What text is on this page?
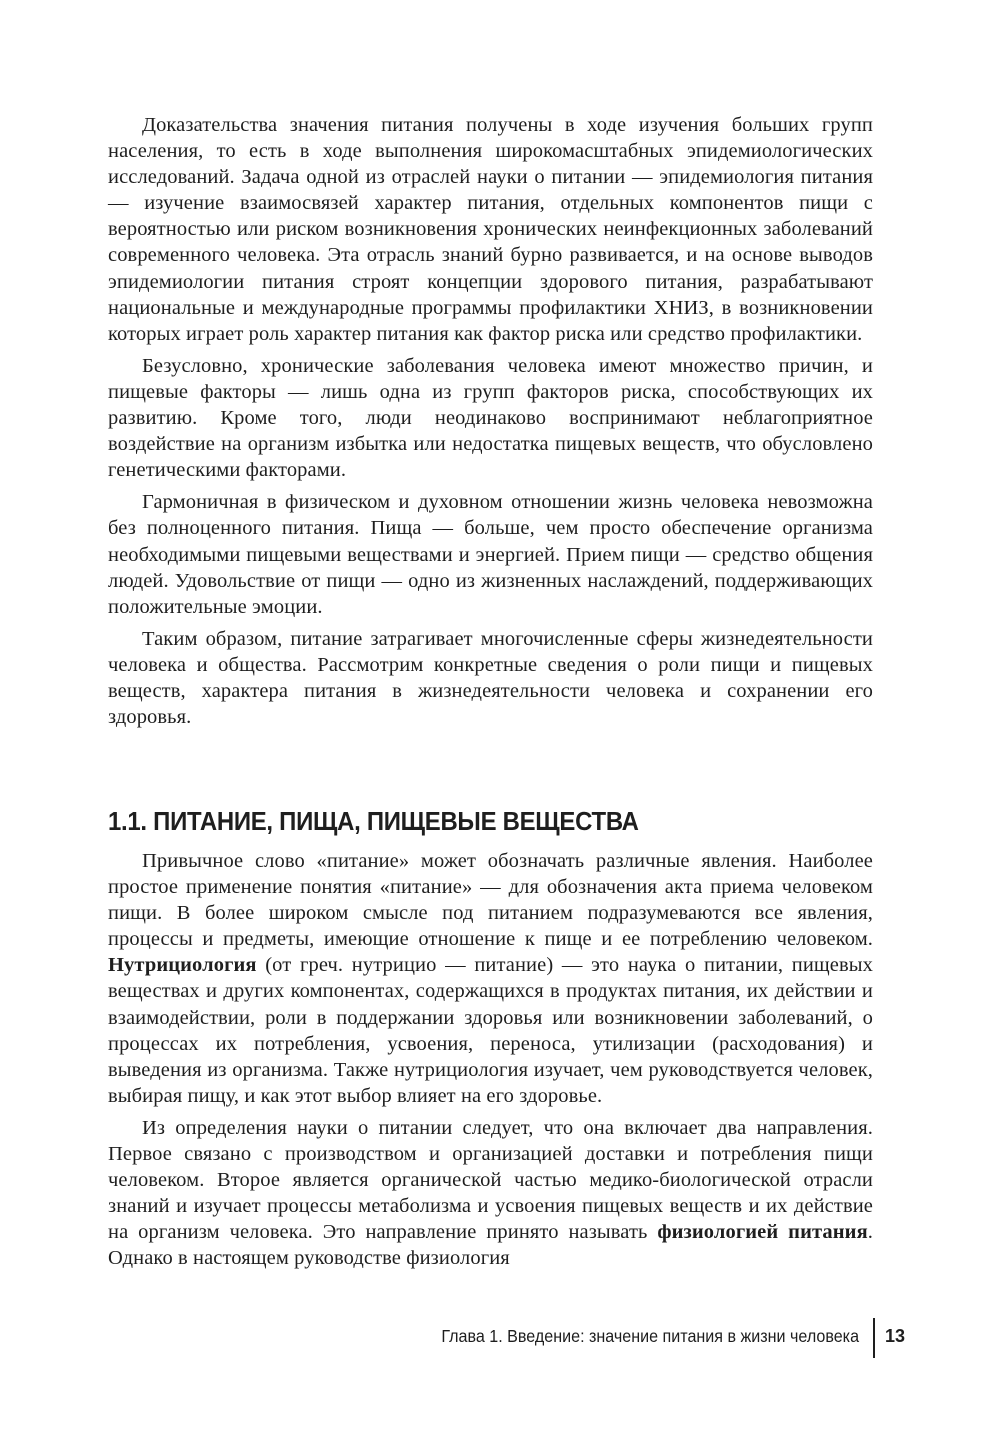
Доказательства значения питания получены в ходе изучения больших групп населения, то есть в ходе выполнения широкомасштабных эпидемиологических исследований. Задача одной из отраслей науки о питании — эпидемиология питания — изучение взаимосвязей характер питания, отдельных компонентов пищи с вероятностью или риском возникновения хронических неинфекционных заболеваний современного человека. Эта отрасль знаний бурно развивается, и на основе выводов эпидемиологии питания строят концепции здорового питания, разрабатывают национальные и международные программы профилактики ХНИЗ, в возникновении которых играет роль характер питания как фактор риска или средство профилактики.

Безусловно, хронические заболевания человека имеют множество причин, и пищевые факторы — лишь одна из групп факторов риска, способствующих их развитию. Кроме того, люди неодинаково воспринимают неблагоприятное воздействие на организм избытка или недостатка пищевых веществ, что обусловлено генетическими факторами.

Гармоничная в физическом и духовном отношении жизнь человека невозможна без полноценного питания. Пища — больше, чем просто обеспечение организма необходимыми пищевыми веществами и энергией. Прием пищи — средство общения людей. Удовольствие от пищи — одно из жизненных наслаждений, поддерживающих положительные эмоции.

Таким образом, питание затрагивает многочисленные сферы жизнедеятельности человека и общества. Рассмотрим конкретные сведения о роли пищи и пищевых веществ, характера питания в жизнедеятельности человека и сохранении его здоровья.

1.1. ПИТАНИЕ, ПИЩА, ПИЩЕВЫЕ ВЕЩЕСТВА

Привычное слово «питание» может обозначать различные явления. Наиболее простое применение понятия «питание» — для обозначения акта приема человеком пищи. В более широком смысле под питанием подразумеваются все явления, процессы и предметы, имеющие отношение к пище и ее потреблению человеком. Нутрициология (от греч. нутрицио — питание) — это наука о питании, пищевых веществах и других компонентах, содержащихся в продуктах питания, их действии и взаимодействии, роли в поддержании здоровья или возникновении заболеваний, о процессах их потребления, усвоения, переноса, утилизации (расходования) и выведения из организма. Также нутрициология изучает, чем руководствуется человек, выбирая пищу, и как этот выбор влияет на его здоровье.

Из определения науки о питании следует, что она включает два направления. Первое связано с производством и организацией доставки и потребления пищи человеком. Второе является органической частью медико-биологической отрасли знаний и изучает процессы метаболизма и усвоения пищевых веществ и их действие на организм человека. Это направление принято называть физиологией питания. Однако в настоящем руководстве физиология

Глава 1. Введение: значение питания в жизни человека 13
